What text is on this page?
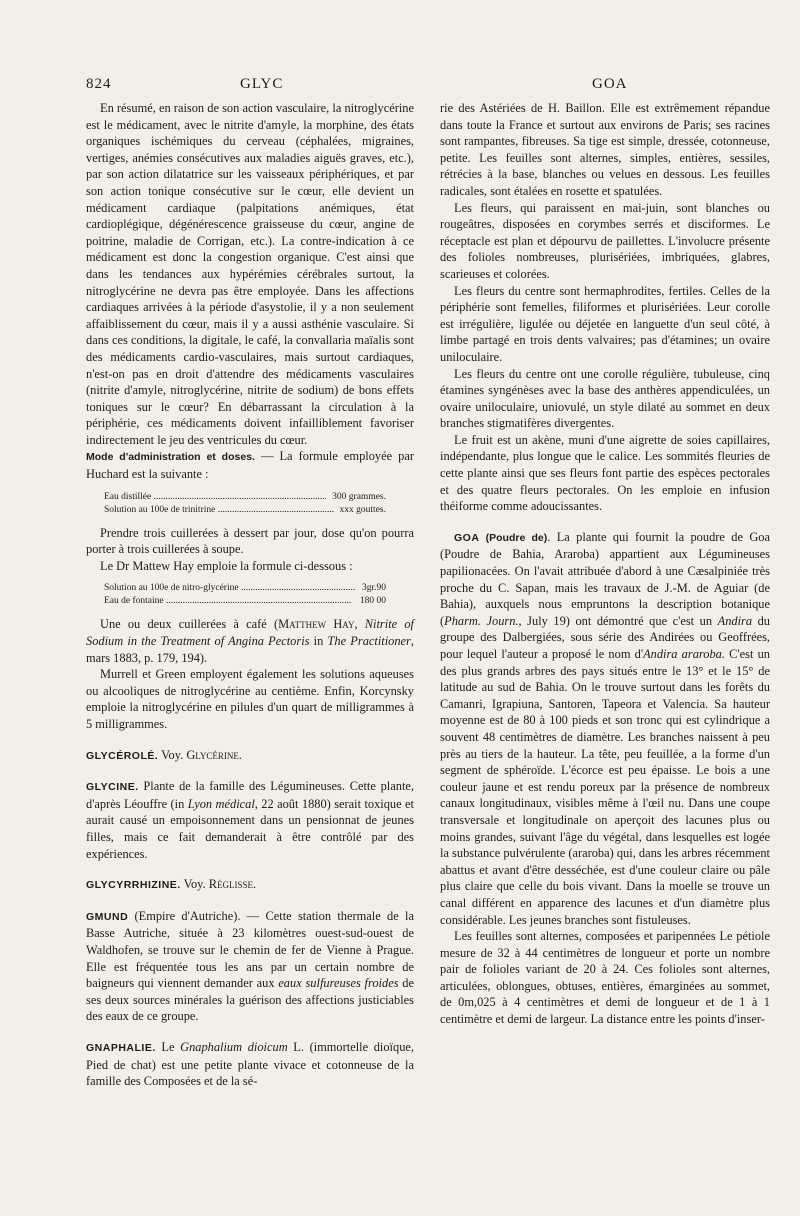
824	GLYC	GOA

En résumé, en raison de son action vasculaire, la nitroglycérine est le médicament, avec le nitrite d'amyle, la morphine, des états organiques ischémiques du cerveau (céphalées, migraines, vertiges, anémies consécutives aux maladies aiguës graves, etc.), par son action dilatatrice sur les vaisseaux périphériques, et par son action tonique consécutive sur le cœur, elle devient un médicament cardiaque (palpitations anémiques, état cardioplégique, dégénérescence graisseuse du cœur, angine de poitrine, maladie de Corrigan, etc.). La contre-indication à ce médicament est donc la congestion organique. C'est ainsi que dans les tendances aux hypérémies cérébrales surtout, la nitroglycérine ne devra pas être employée. Dans les affections cardiaques arrivées à la période d'asystolie, il y a non seulement affaiblissement du cœur, mais il y a aussi asthénie vasculaire. Si dans ces conditions, la digitale, le café, la convallaria maïalis sont des médicaments cardio-vasculaires, mais surtout cardiaques, n'est-on pas en droit d'attendre des médicaments vasculaires (nitrite d'amyle, nitroglycérine, nitrite de sodium) de bons effets toniques sur le cœur? En débarrassant la circulation à la périphérie, ces médicaments doivent infailliblement favoriser indirectement le jeu des ventricules du cœur.

Mode d'administration et doses. — La formule employée par Huchard est la suivante :

Eau distillée .....	300 grammes.
Solution au 100e de trinitrine .....	xxx gouttes.

Prendre trois cuillerées à dessert par jour, dose qu'on pourra porter à trois cuillerées à soupe.

Le Dr Mattew Hay emploie la formule ci-dessous :

Solution au 100e de nitro-glycérine .....	3gr.90
Eau de fontaine .....	180 00

Une ou deux cuillerées à café (Matthew Hay, Nitrite of Sodium in the Treatment of Angina Pectoris in The Practitioner, mars 1883, p. 179, 194).

Murrell et Green employent également les solutions aqueuses ou alcooliques de nitroglycérine au centième. Enfin, Korcynsky emploie la nitroglycérine en pilules d'un quart de milligrammes à 5 milligrammes.

GLYCÉROLÉ. Voy. Glycérine.

GLYCINE. Plante de la famille des Légumineuses. Cette plante, d'après Léouffre (in Lyon médical, 22 août 1880) serait toxique et aurait causé un empoisonnement dans un pensionnat de jeunes filles, mais ce fait demanderait à être contrôlé par des expériences.

GLYCYRRHIZINE. Voy. Réglisse.

GMUND (Empire d'Autriche). — Cette station thermale de la Basse Autriche, située à 23 kilomètres ouest-sud-ouest de Waldhofen, se trouve sur le chemin de fer de Vienne à Prague. Elle est fréquentée tous les ans par un certain nombre de baigneurs qui viennent demander aux eaux sulfureuses froides de ses deux sources minérales la guérison des affections justiciables des eaux de ce groupe.

GNAPHALIE. Le Gnaphalium dioicum L. (immortelle dioïque, Pied de chat) est une petite plante vivace et cotonneuse de la famille des Composées et de la sé-

rie des Astériées de H. Baillon. Elle est extrêmement répandue dans toute la France et surtout aux environs de Paris; ses racines sont rampantes, fibreuses. Sa tige est simple, dressée, cotonneuse, petite. Les feuilles sont alternes, simples, entières, sessiles, rétrécies à la base, blanches ou velues en dessous. Les feuilles radicales, sont étalées en rosette et spatulées.

Les fleurs, qui paraissent en mai-juin, sont blanches ou rougeâtres, disposées en corymbes serrés et disciformes. Le réceptacle est plan et dépourvu de paillettes. L'involucre présente des folioles nombreuses, plurisériées, imbriquées, glabres, scarieuses et colorées.

Les fleurs du centre sont hermaphrodites, fertiles. Celles de la périphérie sont femelles, filiformes et plurisériées. Leur corolle est irrégulière, ligulée ou déjetée en languette d'un seul côté, à limbe partagé en trois dents valvaires; pas d'étamines; un ovaire uniloculaire.

Les fleurs du centre ont une corolle régulière, tubuleuse, cinq étamines syngénèses avec la base des anthères appendiculées, un ovaire uniloculaire, uniovulé, un style dilaté au sommet en deux branches stigmatifères divergentes.

Le fruit est un akène, muni d'une aigrette de soies capillaires, indépendante, plus longue que le calice. Les sommités fleuries de cette plante ainsi que ses fleurs font partie des espèces pectorales et des quatre fleurs pectorales. On les emploie en infusion théiforme comme adoucissantes.

GOA (Poudre de). La plante qui fournit la poudre de Goa (Poudre de Bahia, Araroba) appartient aux Légumineuses papilionacées. On l'avait attribuée d'abord à une Cæsalpiniée très proche du C. Sapan, mais les travaux de J.-M. de Aguiar (de Bahia), auxquels nous empruntons la description botanique (Pharm. Journ., July 19) ont démontré que c'est un Andira du groupe des Dalbergiées, sous série des Andirées ou Geoffrées, pour lequel l'auteur a proposé le nom d'Andira araroba. C'est un des plus grands arbres des pays situés entre le 13° et le 15° de latitude au sud de Bahia. On le trouve surtout dans les forêts du Camanri, Igrapiuna, Santoren, Tapeora et Valencia. Sa hauteur moyenne est de 80 à 100 pieds et son tronc qui est cylindrique a souvent 48 centimètres de diamètre. Les branches naissent à peu près au tiers de la hauteur. La tête, peu feuillée, a la forme d'un segment de sphéroïde. L'écorce est peu épaisse. Le bois a une couleur jaune et est rendu poreux par la présence de nombreux canaux longitudinaux, visibles même à l'œil nu. Dans une coupe transversale et longitudinale on aperçoit des lacunes plus ou moins grandes, suivant l'âge du végétal, dans lesquelles est logée la substance pulvérulente (araroba) qui, dans les arbres récemment abattus et avant d'être desséchée, est d'une couleur claire ou pâle plus claire que celle du bois vivant. Dans la moelle se trouve un canal différent en apparence des lacunes et d'un diamètre plus considérable. Les jeunes branches sont fistuleuses.

Les feuilles sont alternes, composées et paripennées Le pétiole mesure de 32 à 44 centimètres de longueur et porte un nombre pair de folioles variant de 20 à 24. Ces folioles sont alternes, articulées, oblongues, obtuses, entières, émarginées au sommet, de 0m,025 à 4 centimètres et demi de longueur et de 1 à 1 centimètre et demi de largeur. La distance entre les points d'inser-
